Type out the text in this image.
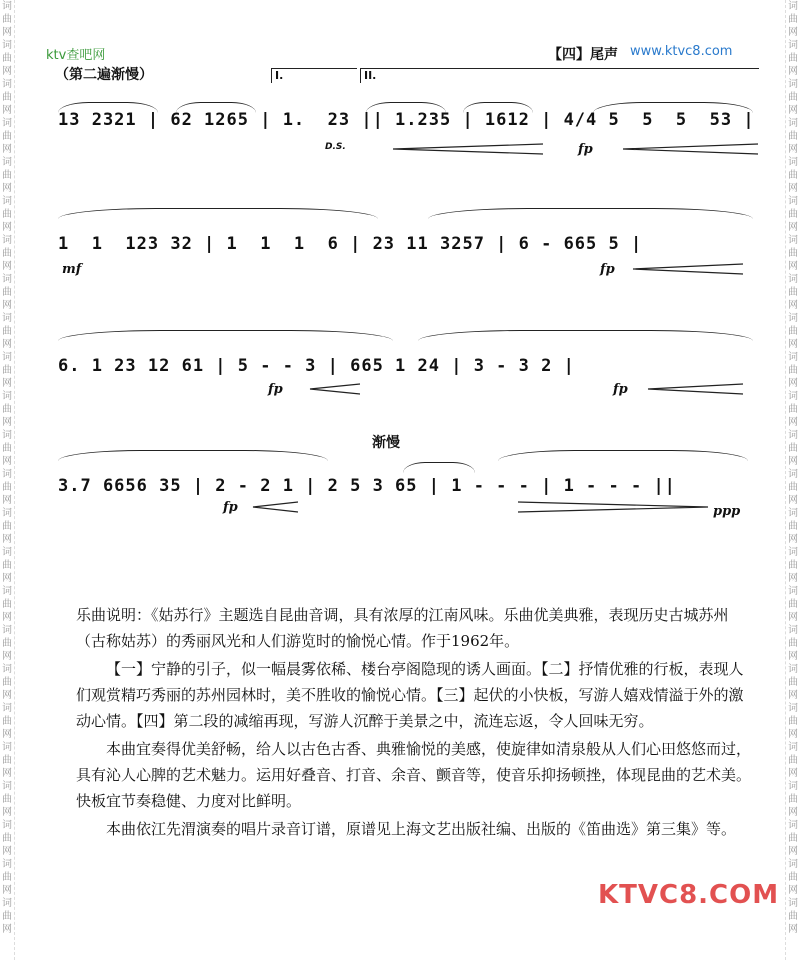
词
曲
网
词
曲
网
词
曲
网
词
曲
网
词
曲
网
词
曲
网
词
曲
网
词
曲
网
词
曲
网
词
曲
网
词
曲
网
词
曲
网
词
曲
网
词
曲
网
词
曲
网
词
曲
网
词
曲
网
词
曲
网
词
曲
网
词
曲
网
词
曲
网
词
曲
网
词
曲
网
词
曲
网
词
曲
网
词
曲
网
词
曲
网
词
曲
网
词
曲
网
词
曲
网
词
曲
网
词
曲
网
词
曲
网
词
曲
网
词
曲
网
词
曲
网
词
曲
网
词
曲
网
词
曲
网
词
曲
网
词
曲
网
词
曲
网
词
曲
网
词
曲
网
词
曲
网
词
曲
网
词
曲
网
词
曲
网
ktv查吧网	【四】尾声 www.ktvc8.com
（第二遍渐慢）	I.	II.
13 2321 | 62 1265 | 1.  23 || 1.235 | 1612 | 4/4 5  5  5  53 |
D.S.	fp
1  1  123 32 | 1  1  1  6 | 23 11 3257 | 6 - 665 5 |
mf	fp
6. 1 23 12 61 | 5 - - 3 | 665 1 24 | 3 - 3 2 |
fp	fp
渐慢
3.7 6656 35 | 2 - 2 1 | 2 5 3 65 | 1 - - - | 1 - - - ||
fp	ppp

乐曲说明：《姑苏行》主题选自昆曲音调，具有浓厚的江南风味。乐曲优美典雅，表现历史古城苏州（古称姑苏）的秀丽风光和人们游览时的愉悦心情。作于1962年。

【一】宁静的引子，似一幅晨雾依稀、楼台亭阁隐现的诱人画面。【二】抒情优雅的行板，表现人们观赏精巧秀丽的苏州园林时，美不胜收的愉悦心情。【三】起伏的小快板，写游人嬉戏情溢于外的激动心情。【四】第二段的减缩再现，写游人沉醉于美景之中，流连忘返，令人回味无穷。

本曲宜奏得优美舒畅，给人以古色古香、典雅愉悦的美感，使旋律如清泉般从人们心田悠悠而过，具有沁人心脾的艺术魅力。运用好叠音、打音、余音、颤音等，使音乐抑扬顿挫，体现昆曲的艺术美。快板宜节奏稳健、力度对比鲜明。

本曲依江先渭演奏的唱片录音订谱，原谱见上海文艺出版社编、出版的《笛曲选》第三集》等。

KTVC8.COM
